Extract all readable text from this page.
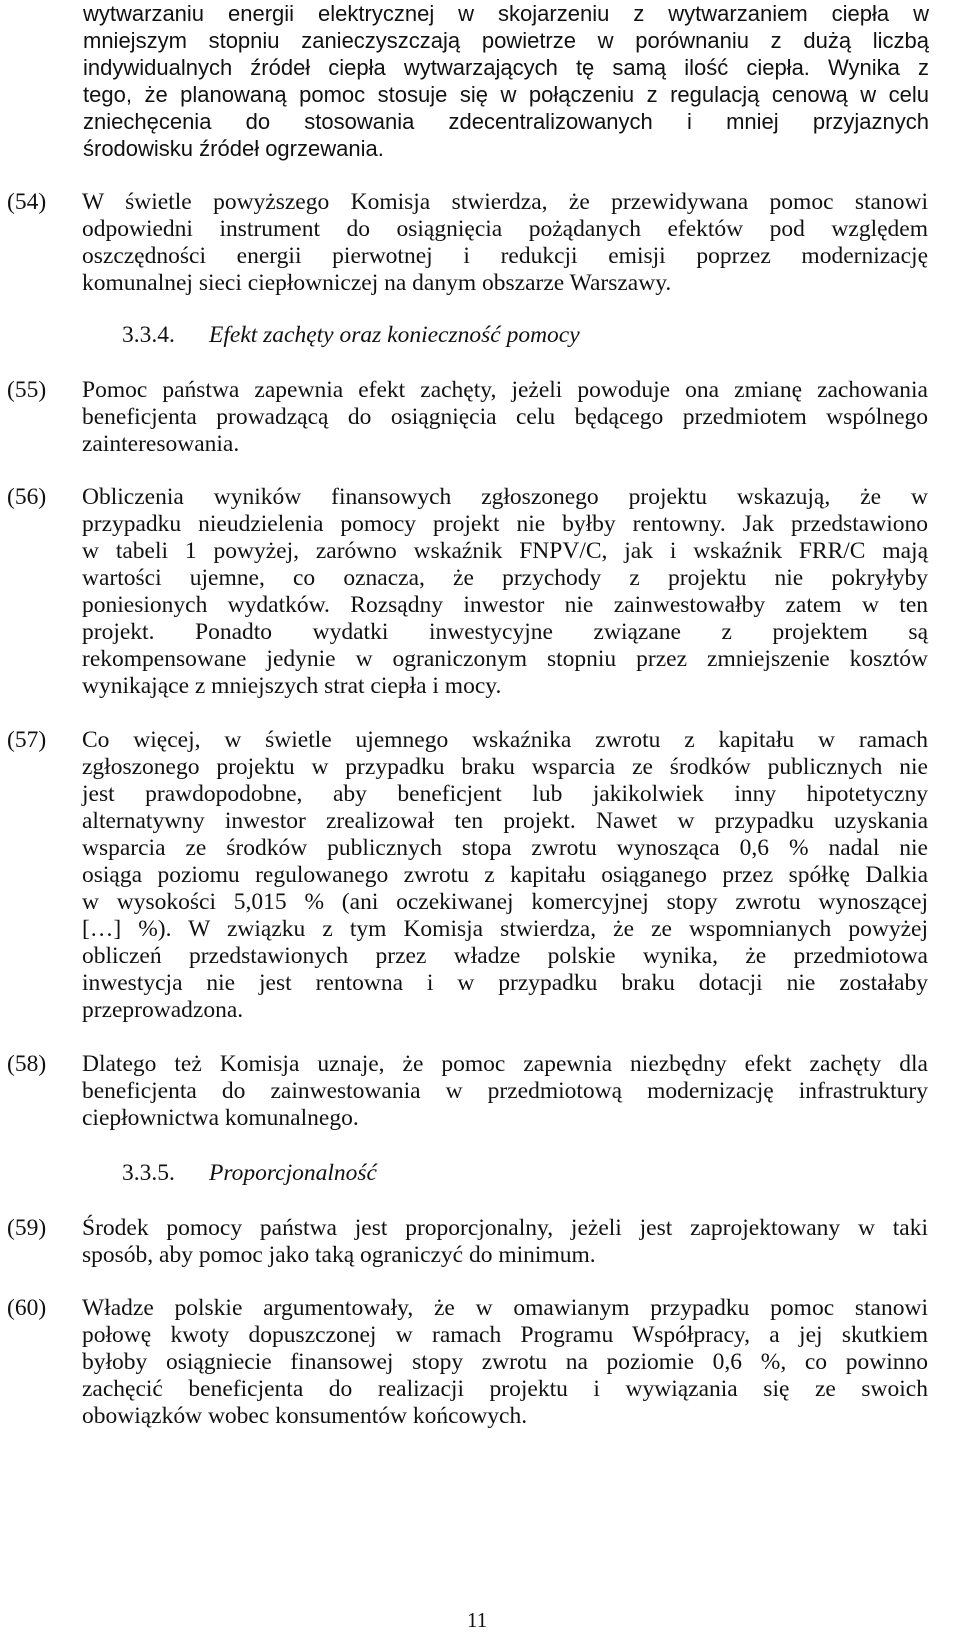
wytwarzaniu energii elektrycznej w skojarzeniu z wytwarzaniem ciepła w
mniejszym stopniu zanieczyszczają powietrze w porównaniu z dużą liczbą
indywidualnych źródeł ciepła wytwarzających tę samą ilość ciepła. Wynika z
tego, że planowaną pomoc stosuje się w połączeniu z regulacją cenową w celu
zniechęcenia do stosowania zdecentralizowanych i mniej przyjaznych
środowisku źródeł ogrzewania.
(54) W świetle powyższego Komisja stwierdza, że przewidywana pomoc stanowi
odpowiedni instrument do osiągnięcia pożądanych efektów pod względem
oszczędności energii pierwotnej i redukcji emisji poprzez modernizację
komunalnej sieci ciepłowniczej na danym obszarze Warszawy.
3.3.4. Efekt zachęty oraz konieczność pomocy
(55) Pomoc państwa zapewnia efekt zachęty, jeżeli powoduje ona zmianę zachowania
beneficjenta prowadzącą do osiągnięcia celu będącego przedmiotem wspólnego
zainteresowania.
(56) Obliczenia wyników finansowych zgłoszonego projektu wskazują, że w
przypadku nieudzielenia pomocy projekt nie byłby rentowny. Jak przedstawiono
w tabeli 1 powyżej, zarówno wskaźnik FNPV/C, jak i wskaźnik FRR/C mają
wartości ujemne, co oznacza, że przychody z projektu nie pokryłyby
poniesionych wydatków. Rozsądny inwestor nie zainwestowałby zatem w ten
projekt. Ponadto wydatki inwestycyjne związane z projektem są
rekompensowane jedynie w ograniczonym stopniu przez zmniejszenie kosztów
wynikające z mniejszych strat ciepła i mocy.
(57) Co więcej, w świetle ujemnego wskaźnika zwrotu z kapitału w ramach
zgłoszonego projektu w przypadku braku wsparcia ze środków publicznych nie
jest prawdopodobne, aby beneficjent lub jakikolwiek inny hipotetyczny
alternatywny inwestor zrealizował ten projekt. Nawet w przypadku uzyskania
wsparcia ze środków publicznych stopa zwrotu wynosząca 0,6 % nadal nie
osiąga poziomu regulowanego zwrotu z kapitału osiąganego przez spółkę Dalkia
w wysokości 5,015 % (ani oczekiwanej komercyjnej stopy zwrotu wynoszącej
[…] %). W związku z tym Komisja stwierdza, że ze wspomnianych powyżej
obliczeń przedstawionych przez władze polskie wynika, że przedmiotowa
inwestycja nie jest rentowna i w przypadku braku dotacji nie zostałaby
przeprowadzona.
(58) Dlatego też Komisja uznaje, że pomoc zapewnia niezbędny efekt zachęty dla
beneficjenta do zainwestowania w przedmiotową modernizację infrastruktury
ciepłownictwa komunalnego.
3.3.5. Proporcjonalność
(59) Środek pomocy państwa jest proporcjonalny, jeżeli jest zaprojektowany w taki
sposób, aby pomoc jako taką ograniczyć do minimum.
(60) Władze polskie argumentowały, że w omawianym przypadku pomoc stanowi
połowę kwoty dopuszczonej w ramach Programu Współpracy, a jej skutkiem
byłoby osiągniecie finansowej stopy zwrotu na poziomie 0,6 %, co powinno
zachęcić beneficjenta do realizacji projektu i wywiązania się ze swoich
obowiązków wobec konsumentów końcowych.
11
